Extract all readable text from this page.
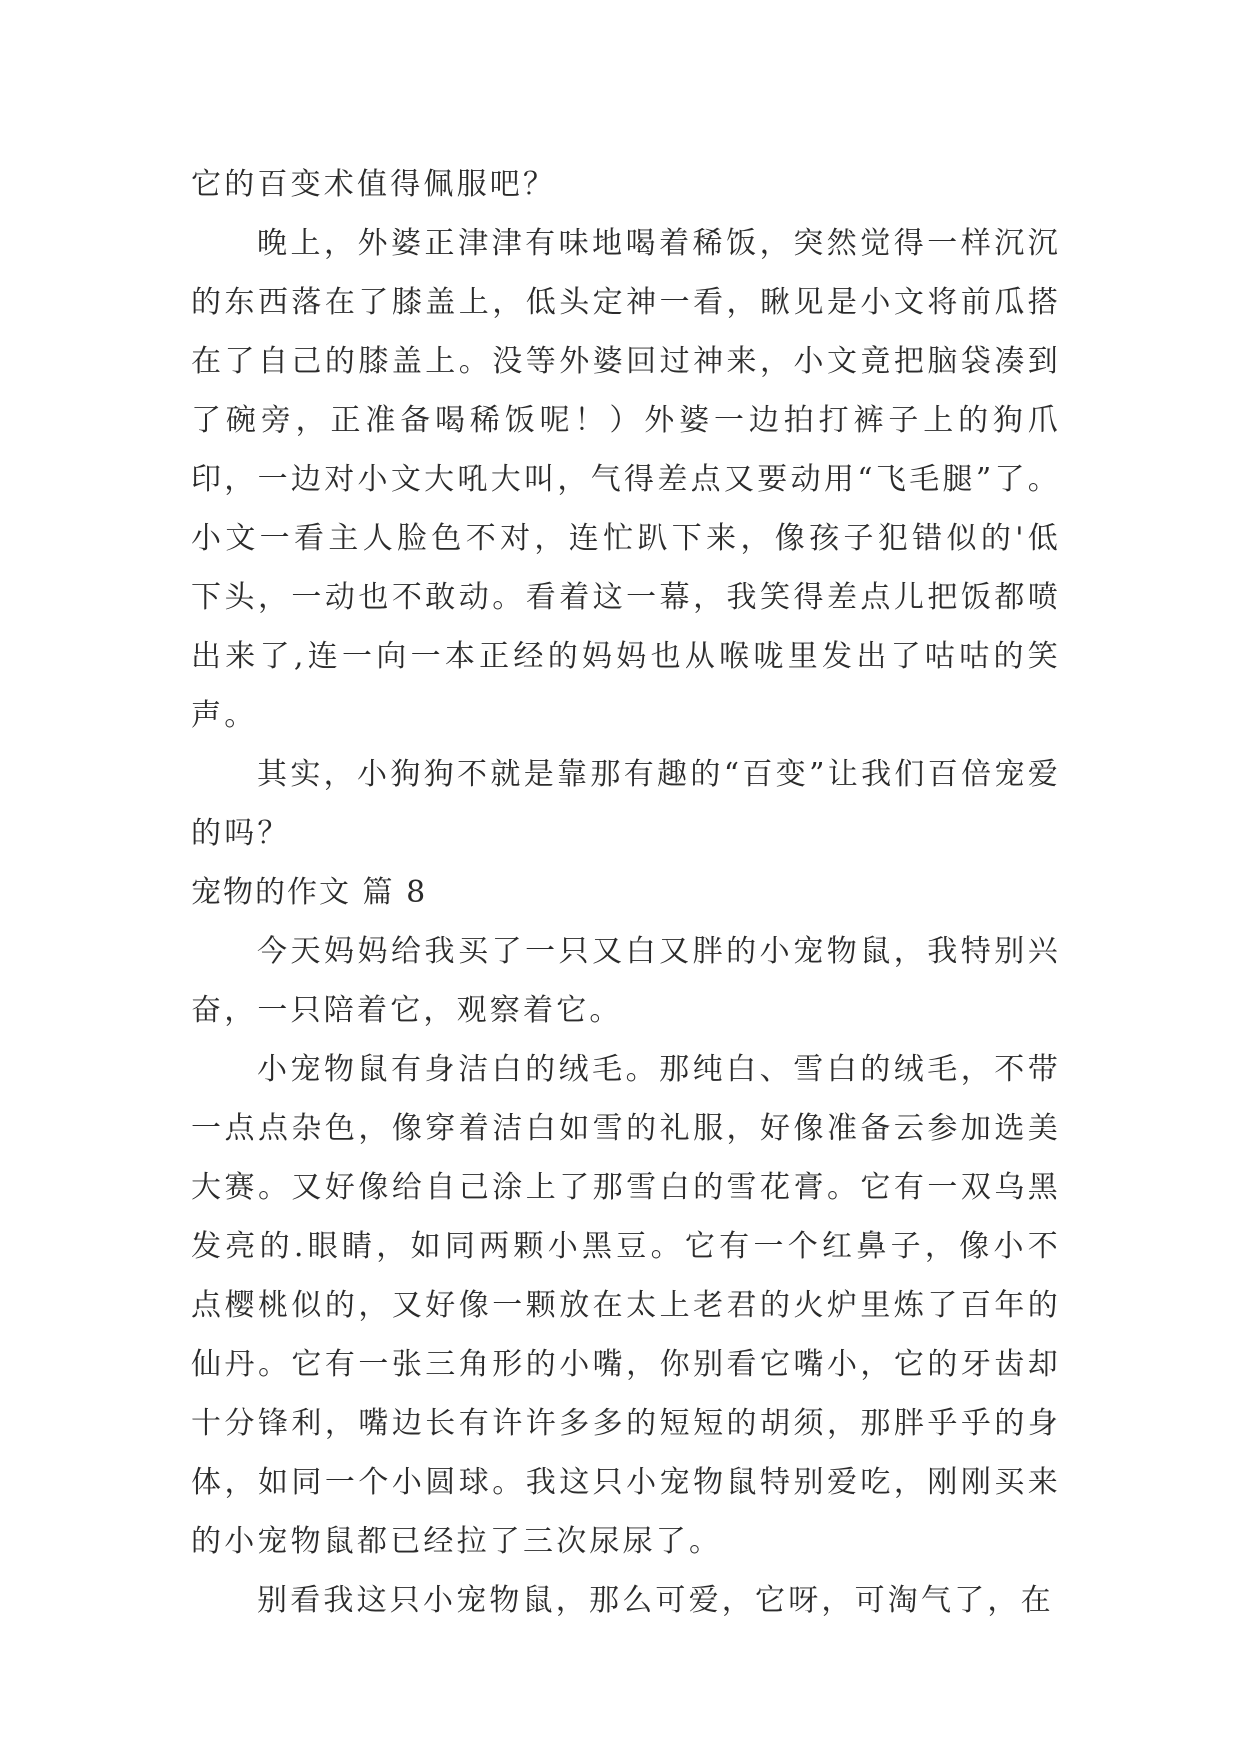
它的百变术值得佩服吧？

晚上，外婆正津津有味地喝着稀饭，突然觉得一样沉沉的东西落在了膝盖上，低头定神一看，瞅见是小文将前瓜搭在了自己的膝盖上。没等外婆回过神来，小文竟把脑袋凑到了碗旁，正准备喝稀饭呢！）外婆一边拍打裤子上的狗爪印，一边对小文大吼大叫，气得差点又要动用“飞毛腿”了。小文一看主人脸色不对，连忙趴下来，像孩子犯错似的'低下头，一动也不敢动。看着这一幕，我笑得差点儿把饭都喷出来了,连一向一本正经的妈妈也从喉咙里发出了咕咕的笑声。

其实，小狗狗不就是靠那有趣的“百变”让我们百倍宠爱的吗？

宠物的作文 篇 8

今天妈妈给我买了一只又白又胖的小宠物鼠，我特别兴奋，一只陪着它，观察着它。

小宠物鼠有身洁白的绒毛。那纯白、雪白的绒毛，不带一点点杂色，像穿着洁白如雪的礼服，好像准备云参加选美大赛。又好像给自己涂上了那雪白的雪花膏。它有一双乌黑发亮的.眼睛，如同两颗小黑豆。它有一个红鼻子，像小不点樱桃似的，又好像一颗放在太上老君的火炉里炼了百年的仙丹。它有一张三角形的小嘴，你别看它嘴小，它的牙齿却十分锋利，嘴边长有许许多多的短短的胡须，那胖乎乎的身体，如同一个小圆球。我这只小宠物鼠特别爱吃，刚刚买来的小宠物鼠都已经拉了三次尿尿了。

别看我这只小宠物鼠，那么可爱，它呀，可淘气了，在
